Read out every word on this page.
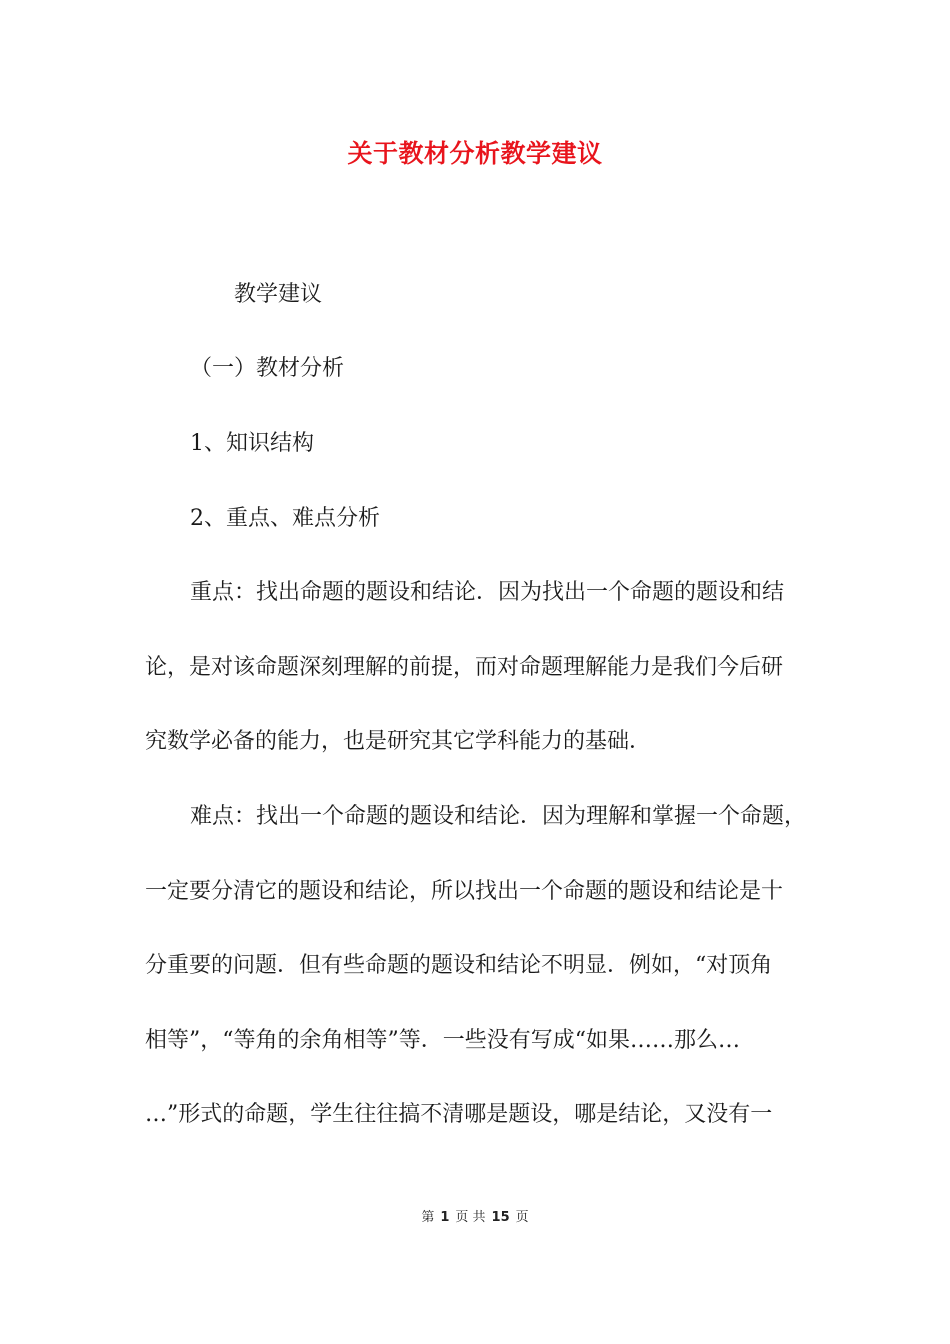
关于教材分析教学建议
教学建议
（一）教材分析
1、知识结构
2、重点、难点分析
重点：找出命题的题设和结论．因为找出一个命题的题设和结
论，是对该命题深刻理解的前提，而对命题理解能力是我们今后研
究数学必备的能力，也是研究其它学科能力的基础．
难点：找出一个命题的题设和结论．因为理解和掌握一个命题，
一定要分清它的题设和结论，所以找出一个命题的题设和结论是十
分重要的问题．但有些命题的题设和结论不明显．例如，“对顶角
相等”，“等角的余角相等”等．一些没有写成“如果……那么…
…”形式的命题，学生往往搞不清哪是题设，哪是结论，又没有一
第 1 页 共 15 页
